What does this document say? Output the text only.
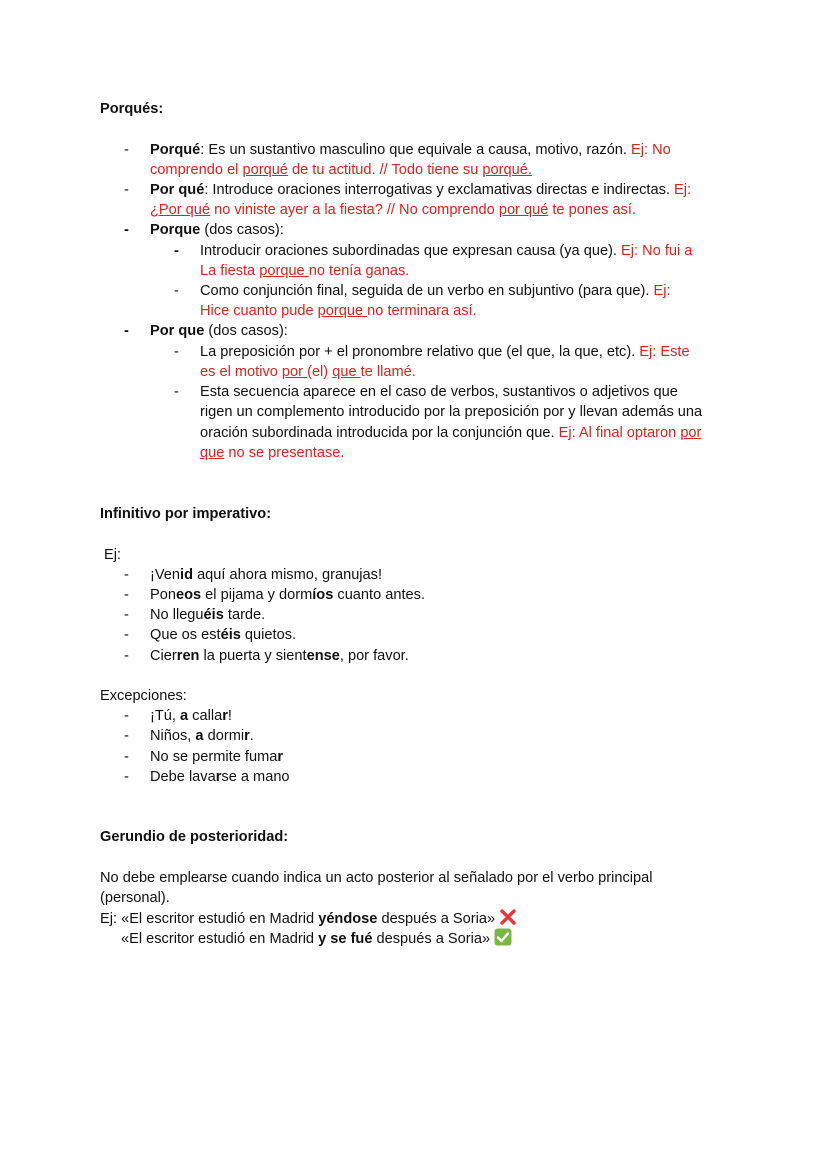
Porqués:
- Porqué: Es un sustantivo masculino que equivale a causa, motivo, razón. Ej: No
comprendo el porqué de tu actitud. // Todo tiene su porqué.
- Por qué: Introduce oraciones interrogativas y exclamativas directas e indirectas. Ej:
¿Por qué no viniste ayer a la fiesta? // No comprendo por qué te pones así.
- Porque (dos casos):
- Introducir oraciones subordinadas que expresan causa (ya que). Ej: No fui a
La fiesta porque no tenía ganas.
- Como conjunción final, seguida de un verbo en subjuntivo (para que). Ej:
Hice cuanto pude porque no terminara así.
- Por que (dos casos):
- La preposición por + el pronombre relativo que (el que, la que, etc). Ej: Este
es el motivo por (el) que te llamé.
- Esta secuencia aparece en el caso de verbos, sustantivos o adjetivos que
rigen un complemento introducido por la preposición por y llevan además una
oración subordinada introducida por la conjunción que. Ej: Al final optaron por
que no se presentase.
Infinitivo por imperativo:
Ej:
- ¡Venid aquí ahora mismo, granujas!
- Poneos el pijama y dormíos cuanto antes.
- No lleguéis tarde.
- Que os estéis quietos.
- Cierren la puerta y sientense, por favor.
Excepciones:
- ¡Tú, a callar!
- Niños, a dormir.
- No se permite fumar
- Debe lavarse a mano
Gerundio de posterioridad:
No debe emplearse cuando indica un acto posterior al señalado por el verbo principal
(personal).
Ej: «El escritor estudió en Madrid yéndose después a Soria»
«El escritor estudió en Madrid y se fué después a Soria»
